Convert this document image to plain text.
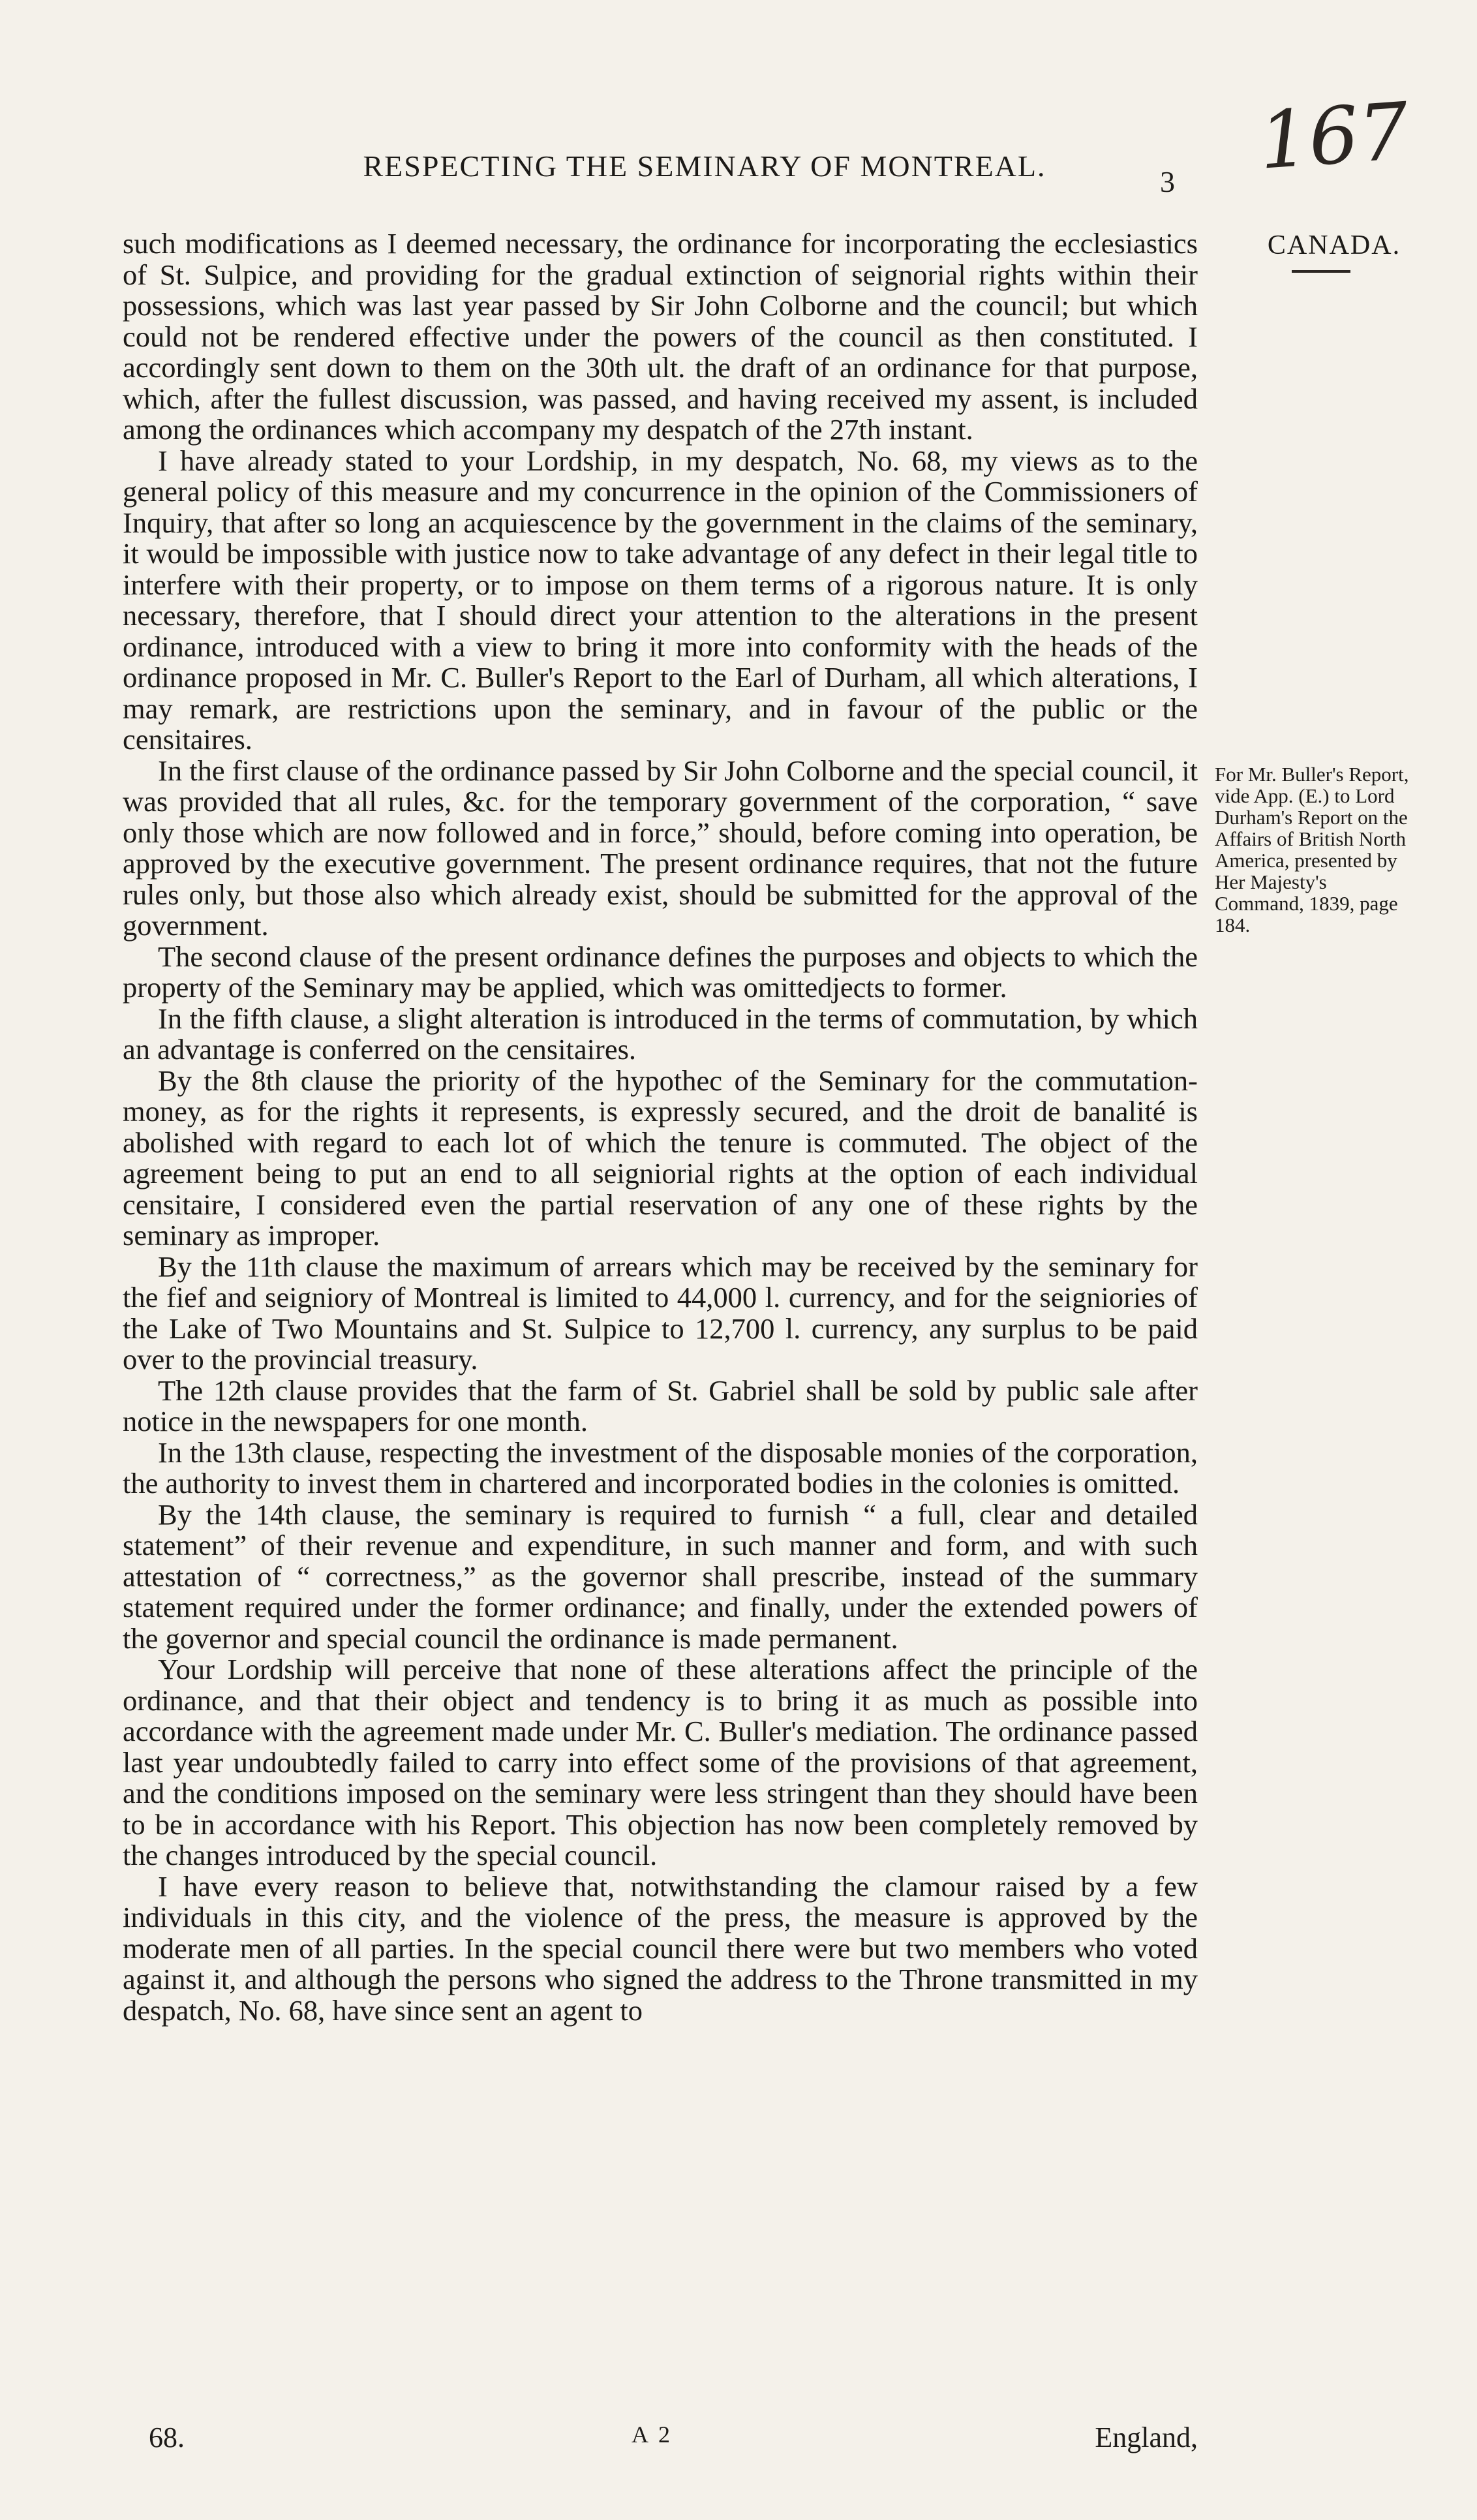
167
RESPECTING THE SEMINARY OF MONTREAL.	3
CANADA.

such modifications as I deemed necessary, the ordinance for incorporating the ecclesiastics of St. Sulpice, and providing for the gradual extinction of seignorial rights within their possessions, which was last year passed by Sir John Colborne and the council; but which could not be rendered effective under the powers of the council as then constituted. I accordingly sent down to them on the 30th ult. the draft of an ordinance for that purpose, which, after the fullest discussion, was passed, and having received my assent, is included among the ordinances which accompany my despatch of the 27th instant.

I have already stated to your Lordship, in my despatch, No. 68, my views as to the general policy of this measure and my concurrence in the opinion of the Commissioners of Inquiry, that after so long an acquiescence by the government in the claims of the seminary, it would be impossible with justice now to take advantage of any defect in their legal title to interfere with their property, or to impose on them terms of a rigorous nature. It is only necessary, therefore, that I should direct your attention to the alterations in the present ordinance, introduced with a view to bring it more into conformity with the heads of the ordinance proposed in Mr. C. Buller's Report to the Earl of Durham, all which alterations, I may remark, are restrictions upon the seminary, and in favour of the public or the censitaires.

In the first clause of the ordinance passed by Sir John Colborne and the special council, it was provided that all rules, &c. for the temporary government of the corporation, “ save only those which are now followed and in force,” should, before coming into operation, be approved by the executive government. The present ordinance requires, that not the future rules only, but those also which already exist, should be submitted for the approval of the government.

The second clause of the present ordinance defines the purposes and objects to which the property of the Seminary may be applied, which was omittedjects to former.

In the fifth clause, a slight alteration is introduced in the terms of commutation, by which an advantage is conferred on the censitaires.

By the 8th clause the priority of the hypothec of the Seminary for the commutation-money, as for the rights it represents, is expressly secured, and the droit de banalité is abolished with regard to each lot of which the tenure is commuted. The object of the agreement being to put an end to all seigniorial rights at the option of each individual censitaire, I considered even the partial reservation of any one of these rights by the seminary as improper.

By the 11th clause the maximum of arrears which may be received by the seminary for the fief and seigniory of Montreal is limited to 44,000 l. currency, and for the seigniories of the Lake of Two Mountains and St. Sulpice to 12,700 l. currency, any surplus to be paid over to the provincial treasury.

The 12th clause provides that the farm of St. Gabriel shall be sold by public sale after notice in the newspapers for one month.

In the 13th clause, respecting the investment of the disposable monies of the corporation, the authority to invest them in chartered and incorporated bodies in the colonies is omitted.

By the 14th clause, the seminary is required to furnish “ a full, clear and detailed statement” of their revenue and expenditure, in such manner and form, and with such attestation of “ correctness,” as the governor shall prescribe, instead of the summary statement required under the former ordinance; and finally, under the extended powers of the governor and special council the ordinance is made permanent.

Your Lordship will perceive that none of these alterations affect the principle of the ordinance, and that their object and tendency is to bring it as much as possible into accordance with the agreement made under Mr. C. Buller's mediation. The ordinance passed last year undoubtedly failed to carry into effect some of the provisions of that agreement, and the conditions imposed on the seminary were less stringent than they should have been to be in accordance with his Report. This objection has now been completely removed by the changes introduced by the special council.

I have every reason to believe that, notwithstanding the clamour raised by a few individuals in this city, and the violence of the press, the measure is approved by the moderate men of all parties. In the special council there were but two members who voted against it, and although the persons who signed the address to the Throne transmitted in my despatch, No. 68, have since sent an agent to

For Mr. Buller's Report, vide App. (E.) to Lord Durham's Report on the Affairs of British North America, presented by Her Majesty's Command, 1839, page 184.
68.	A 2	England,
